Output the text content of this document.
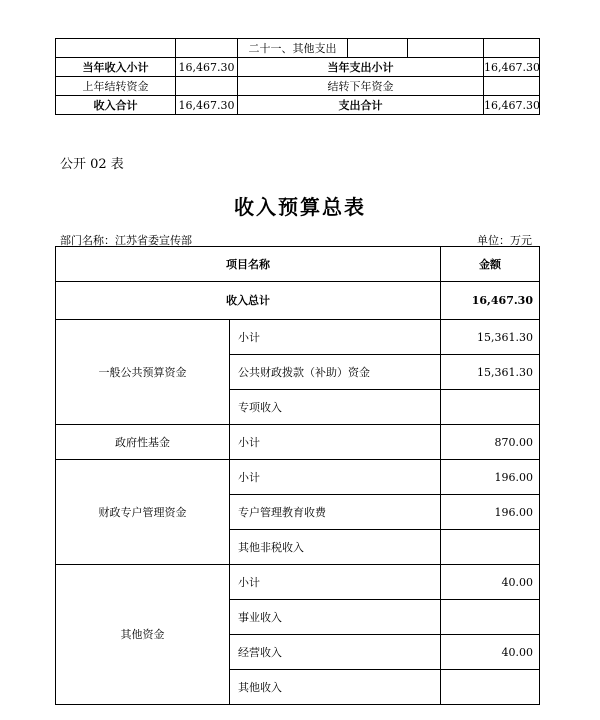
		二十一、其他支出			
当年收入小计	16,467.30	当年支出小计			16,467.30
上年结转资金		结转下年资金			
收入合计	16,467.30	支出合计			16,467.30
公开 02 表
收入预算总表
部门名称：江苏省委宣传部	单位：万元
项目名称		金额
收入总计		16,467.30
一般公共预算资金	小计	15,361.30
	公共财政拨款（补助）资金	15,361.30
	专项收入	
政府性基金	小计	870.00
财政专户管理资金	小计	196.00
	专户管理教育收费	196.00
	其他非税收入	
其他资金	小计	40.00
	事业收入	
	经营收入	40.00
	其他收入	
